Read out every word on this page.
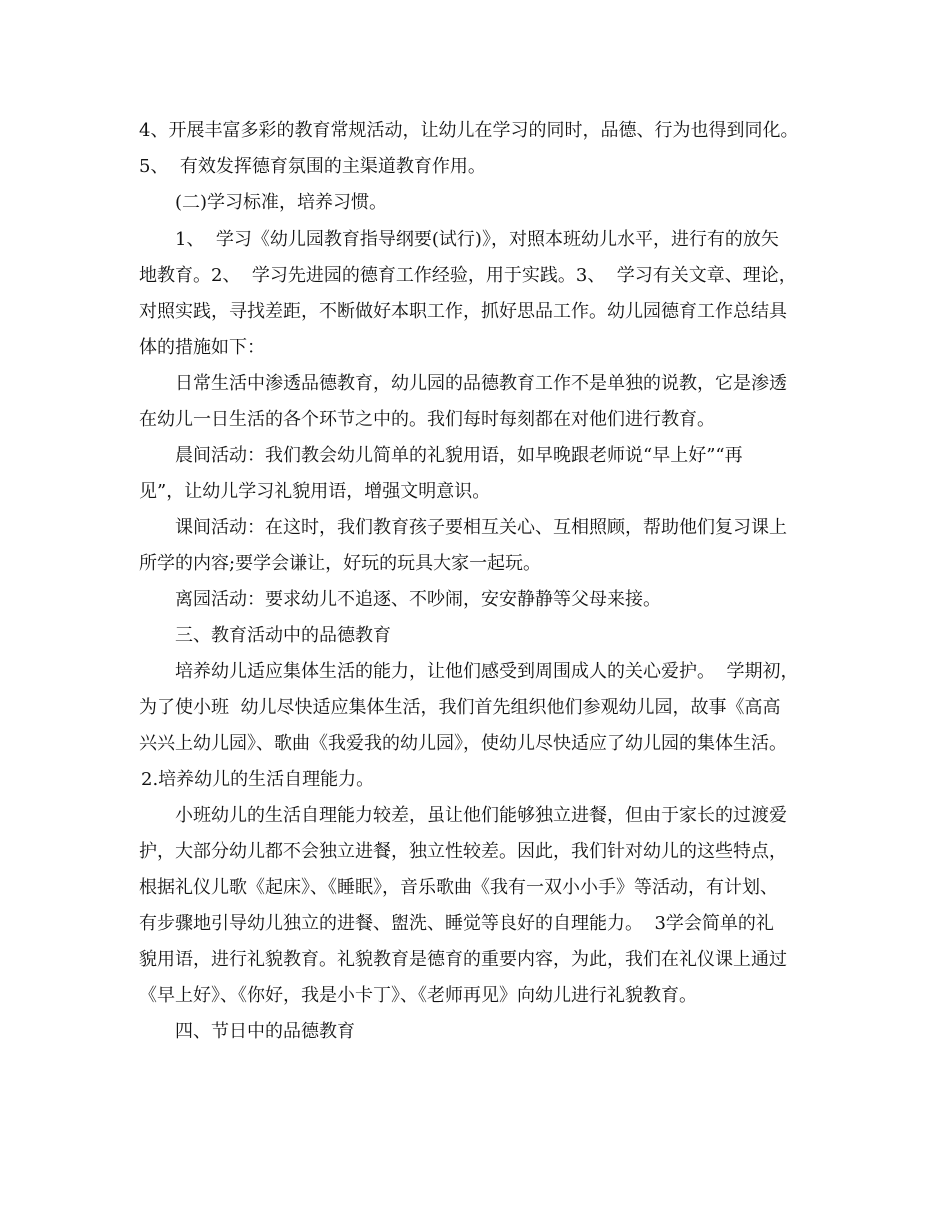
4、开展丰富多彩的教育常规活动，让幼儿在学习的同时，品德、行为也得到同化。
5、  有效发挥德育氛围的主渠道教育作用。
(二)学习标准，培养习惯。
1、  学习《幼儿园教育指导纲要(试行)》，对照本班幼儿水平，进行有的放矢
地教育。2、  学习先进园的德育工作经验，用于实践。3、  学习有关文章、理论，
对照实践，寻找差距，不断做好本职工作，抓好思品工作。幼儿园德育工作总结具
体的措施如下：
日常生活中渗透品德教育，幼儿园的品德教育工作不是单独的说教，它是渗透
在幼儿一日生活的各个环节之中的。我们每时每刻都在对他们进行教育。
晨间活动：我们教会幼儿简单的礼貌用语，如早晚跟老师说“早上好”“再
见”，让幼儿学习礼貌用语，增强文明意识。
课间活动：在这时，我们教育孩子要相互关心、互相照顾，帮助他们复习课上
所学的内容;要学会谦让，好玩的玩具大家一起玩。
离园活动：要求幼儿不追逐、不吵闹，安安静静等父母来接。
三、教育活动中的品德教育
培养幼儿适应集体生活的能力，让他们感受到周围成人的关心爱护。  学期初，
为了使小班  幼儿尽快适应集体生活，我们首先组织他们参观幼儿园，故事《高高
兴兴上幼儿园》、歌曲《我爱我的幼儿园》，使幼儿尽快适应了幼儿园的集体生活。
2.培养幼儿的生活自理能力。
小班幼儿的生活自理能力较差，虽让他们能够独立进餐，但由于家长的过渡爱
护，大部分幼儿都不会独立进餐，独立性较差。因此，我们针对幼儿的这些特点，
根据礼仪儿歌《起床》、《睡眠》，音乐歌曲《我有一双小小手》等活动，有计划、
有步骤地引导幼儿独立的进餐、盥洗、睡觉等良好的自理能力。  3学会简单的礼
貌用语，进行礼貌教育。礼貌教育是德育的重要内容，为此，我们在礼仪课上通过
《早上好》、《你好，我是小卡丁》、《老师再见》向幼儿进行礼貌教育。
四、节日中的品德教育
